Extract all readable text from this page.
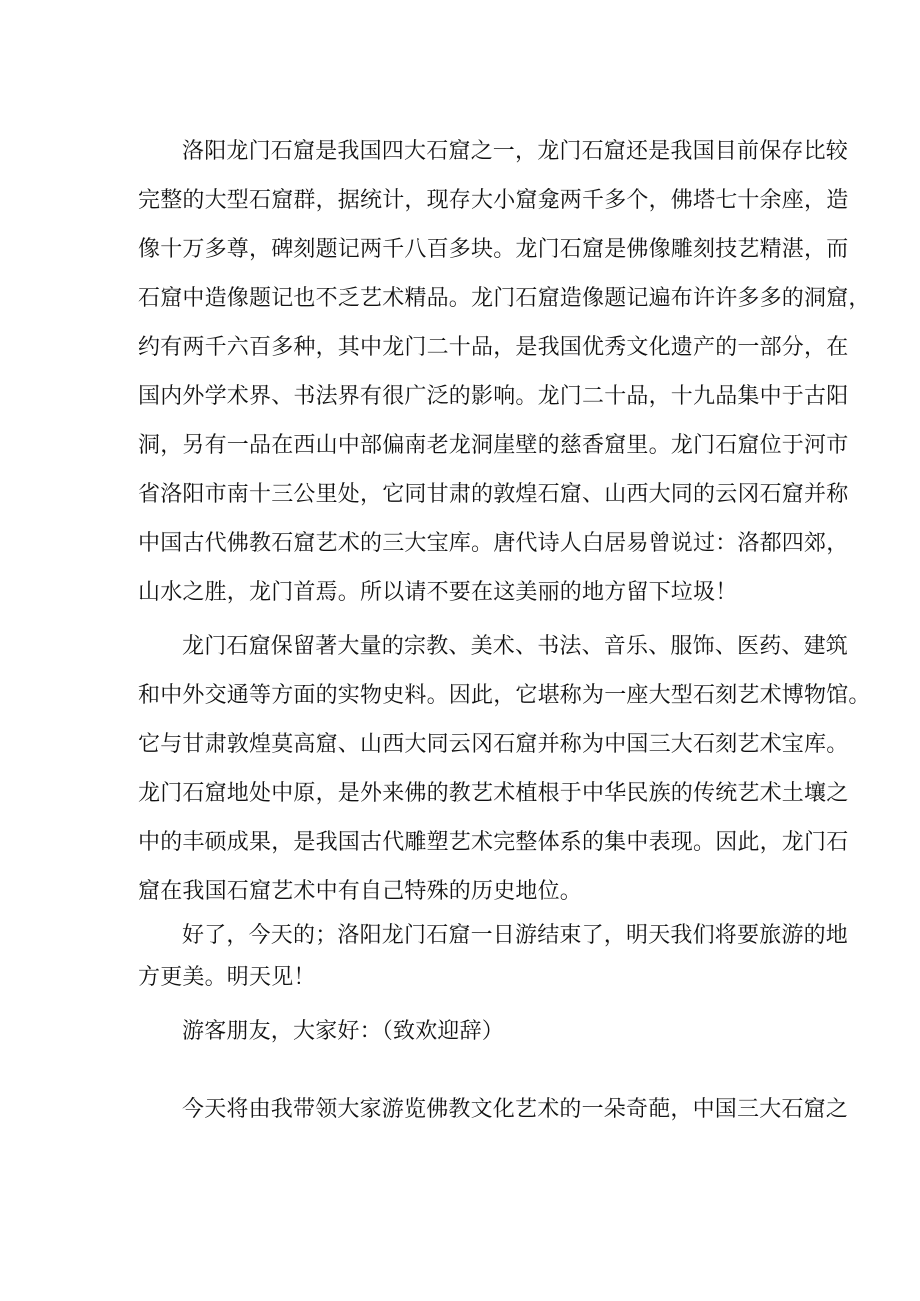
洛阳龙门石窟是我国四大石窟之一，龙门石窟还是我国目前保存比较
完整的大型石窟群，据统计，现存大小窟龛两千多个，佛塔七十余座，造
像十万多尊，碑刻题记两千八百多块。龙门石窟是佛像雕刻技艺精湛，而
石窟中造像题记也不乏艺术精品。龙门石窟造像题记遍布许许多多的洞窟，
约有两千六百多种，其中龙门二十品，是我国优秀文化遗产的一部分，在
国内外学术界、书法界有很广泛的影响。龙门二十品，十九品集中于古阳
洞，另有一品在西山中部偏南老龙洞崖壁的慈香窟里。龙门石窟位于河市
省洛阳市南十三公里处，它同甘肃的敦煌石窟、山西大同的云冈石窟并称
中国古代佛教石窟艺术的三大宝库。唐代诗人白居易曾说过：洛都四郊，
山水之胜，龙门首焉。所以请不要在这美丽的地方留下垃圾！
龙门石窟保留著大量的宗教、美术、书法、音乐、服饰、医药、建筑
和中外交通等方面的实物史料。因此，它堪称为一座大型石刻艺术博物馆。
它与甘肃敦煌莫高窟、山西大同云冈石窟并称为中国三大石刻艺术宝库。
龙门石窟地处中原，是外来佛的教艺术植根于中华民族的传统艺术土壤之
中的丰硕成果，是我国古代雕塑艺术完整体系的集中表现。因此，龙门石
窟在我国石窟艺术中有自己特殊的历史地位。
好了，今天的；洛阳龙门石窟一日游结束了，明天我们将要旅游的地
方更美。明天见！
游客朋友，大家好：（致欢迎辞）
今天将由我带领大家游览佛教文化艺术的一朵奇葩，中国三大石窟之
